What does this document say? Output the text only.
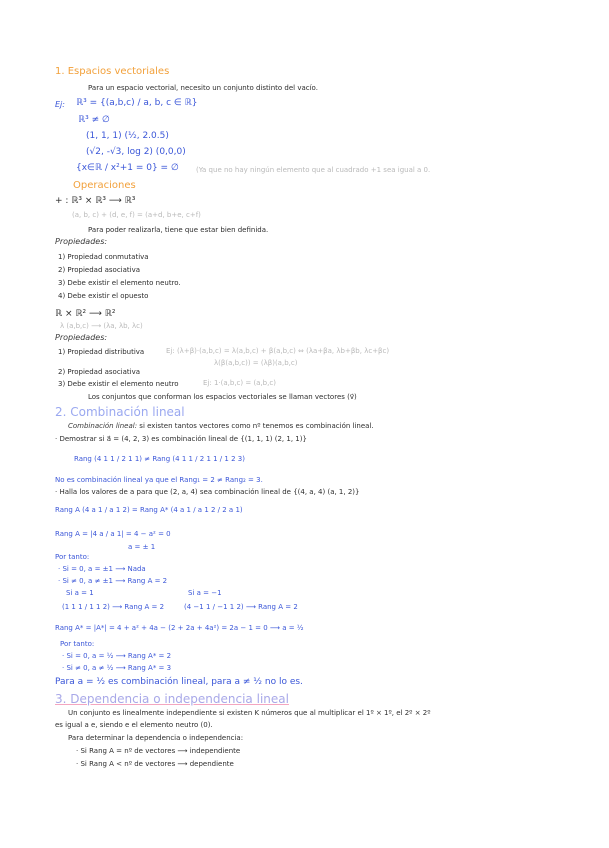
1. Espacios vectoriales
Para un espacio vectorial, necesito un conjunto distinto del vacío.
Ej: ℝ³ = {(a,b,c) / a, b, c ∈ ℝ}
ℝ³ ≠ ∅
(1, 1, 1) (½, 2.0.5)
(√2, -√3, log 2) (0,0,0)
{x∈ℝ / x²+1 = 0} = ∅ (Ya que no hay ningún elemento que al cuadrado +1 sea igual a 0.
Operaciones
+ : ℝ³ × ℝ³ ⟶ ℝ³
(a, b, c) + (d, e, f) = (a+d, b+e, c+f)
Para poder realizarla, tiene que estar bien definida.
Propiedades:
1) Propiedad conmutativa
2) Propiedad asociativa
3) Debe existir el elemento neutro.
4) Debe existir el opuesto
ℝ × ℝ² ⟶ ℝ²
λ (a,b,c) ⟶ (λa, λb, λc)
Propiedades:
1) Propiedad distributiva	Ej: (λ+β)·(a,b,c) = λ(a,b,c) + β(a,b,c) ⇔ (λa+βa, λb+βb, λc+βc)
λ(β(a,b,c)) = (λβ)(a,b,c)
2) Propiedad asociativa
3) Debe existir el elemento neutro	Ej: 1·(a,b,c) = (a,b,c)
Los conjuntos que conforman los espacios vectoriales se llaman vectores (v⃗)
2. Combinación lineal
Combinación lineal: si existen tantos vectores como nº tenemos es combinación lineal.
· Demostrar si a⃗ = (4, 2, 3) es combinación lineal de {(1, 1, 1) (2, 1, 1)}
Rang (4 1 1 / 2 1 1) ≠ Rang (4 1 1 / 2 1 1 / 1 2 3)
No es combinación lineal ya que el Rang₁ = 2 ≠ Rang₂ = 3.
· Halla los valores de a para que (2, a, 4) sea combinación lineal de {(4, a, 4) (a, 1, 2)}
Rang A (4 a 1 / a 1 2) = Rang A* (4 a 1 / a 1 2 / 2 a 1)
Rang A = |4 a / a 1| = 4 − a² = 0
a = ± 1
Por tanto:
· Si = 0, a = ±1 ⟶ Nada
· Si ≠ 0, a ≠ ±1 ⟶ Rang A = 2
Si a = 1	Si a = −1
(1 1 1 / 1 1 2) ⟶ Rang A = 2	(4 −1 1 / −1 1 2) ⟶ Rang A = 2
Rang A* = |A*| = 4 + a² + 4a − (2 + 2a + 4a²) = 2a − 1 = 0 ⟶ a = ½
Por tanto:
· Si = 0, a = ½ ⟶ Rang A* = 2
· Si ≠ 0, a ≠ ½ ⟶ Rang A* = 3
Para a = ½ es combinación lineal, para a ≠ ½ no lo es.
3. Dependencia o independencia lineal
Un conjunto es linealmente independiente si existen K números que al multiplicar el 1º × 1º, el 2º × 2º
es igual a e, siendo e el elemento neutro (0).
Para determinar la dependencia o independencia:
· Si Rang A = nº de vectores ⟶ independiente
· Si Rang A < nº de vectores ⟶ dependiente
